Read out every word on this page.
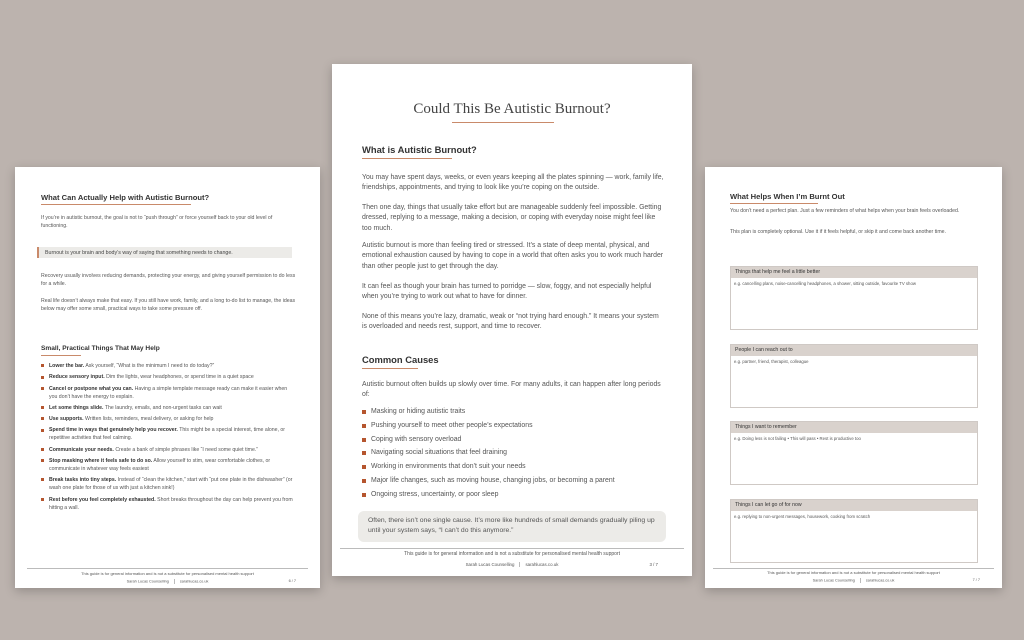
What Can Actually Help with Autistic Burnout?
If you’re in autistic burnout, the goal is not to “push through” or force yourself back to your old level of functioning.
Burnout is your brain and body’s way of saying that something needs to change.
Recovery usually involves reducing demands, protecting your energy, and giving yourself permission to do less for a while.
Real life doesn’t always make that easy. If you still have work, family, and a long to-do list to manage, the ideas below may offer some small, practical ways to take some pressure off.
Small, Practical Things That May Help
Lower the bar. Ask yourself, “What is the minimum I need to do today?”
Reduce sensory input. Dim the lights, wear headphones, or spend time in a quiet space
Cancel or postpone what you can. Having a simple template message ready can make it easier when you don’t have the energy to explain.
Let some things slide. The laundry, emails, and non-urgent tasks can wait
Use supports. Written lists, reminders, meal delivery, or asking for help
Spend time in ways that genuinely help you recover. This might be a special interest, time alone, or repetitive activities that feel calming.
Communicate your needs. Create a bank of simple phrases like “I need some quiet time.”
Stop masking where it feels safe to do so. Allow yourself to stim, wear comfortable clothes, or communicate in whatever way feels easiest
Break tasks into tiny steps. Instead of “clean the kitchen,” start with “put one plate in the dishwasher” (or wash one plate for those of us with just a kitchen sink!)
Rest before you feel completely exhausted. Short breaks throughout the day can help prevent you from hitting a wall.
This guide is for general information and is not a substitute for personalised mental health support
Sarah Lucas Counselling	sarahlucas.co.uk	6 / 7
Could This Be Autistic Burnout?
What is Autistic Burnout?
You may have spent days, weeks, or even years keeping all the plates spinning — work, family life, friendships, appointments, and trying to look like you’re coping on the outside.
Then one day, things that usually take effort but are manageable suddenly feel impossible. Getting dressed, replying to a message, making a decision, or coping with everyday noise might feel like too much.
Autistic burnout is more than feeling tired or stressed. It’s a state of deep mental, physical, and emotional exhaustion caused by having to cope in a world that often asks you to work much harder than other people just to get through the day.
It can feel as though your brain has turned to porridge — slow, foggy, and not especially helpful when you’re trying to work out what to have for dinner.
None of this means you’re lazy, dramatic, weak or “not trying hard enough.” It means your system is overloaded and needs rest, support, and time to recover.
Common Causes
Autistic burnout often builds up slowly over time. For many adults, it can happen after long periods of:
Masking or hiding autistic traits
Pushing yourself to meet other people’s expectations
Coping with sensory overload
Navigating social situations that feel draining
Working in environments that don’t suit your needs
Major life changes, such as moving house, changing jobs, or becoming a parent
Ongoing stress, uncertainty, or poor sleep
Often, there isn’t one single cause. It’s more like hundreds of small demands gradually piling up until your system says, “I can’t do this anymore.”
This guide is for general information and is not a substitute for personalised mental health support
Sarah Lucas Counselling	sarahlucas.co.uk	3 / 7
What Helps When I’m Burnt Out
You don’t need a perfect plan. Just a few reminders of what helps when your brain feels overloaded.
This plan is completely optional. Use it if it feels helpful, or skip it and come back another time.
Things that help me feel a little better
e.g. cancelling plans, noise-cancelling headphones, a shower, sitting outside, favourite TV show
People I can reach out to
e.g. partner, friend, therapist, colleague
Things I want to remember
e.g. Doing less is not failing • This will pass • Rest is productive too
Things I can let go of for now
e.g. replying to non-urgent messages, housework, cooking from scratch
This guide is for general information and is not a substitute for personalised mental health support
Sarah Lucas Counselling	sarahlucas.co.uk	7 / 7
